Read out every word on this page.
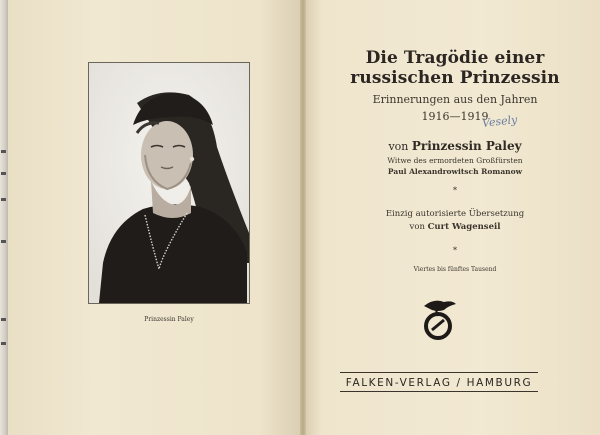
Prinzessin Paley
Die Tragödie einer
russischen Prinzessin
Erinnerungen aus den Jahren
1916—1919
Vesely
von Prinzessin Paley
Witwe des ermordeten Großfürsten
Paul Alexandrowitsch Romanow
*
Einzig autorisierte Übersetzung
von Curt Wagenseil
*
Viertes bis fünftes Tausend
FALKEN-VERLAG / HAMBURG
